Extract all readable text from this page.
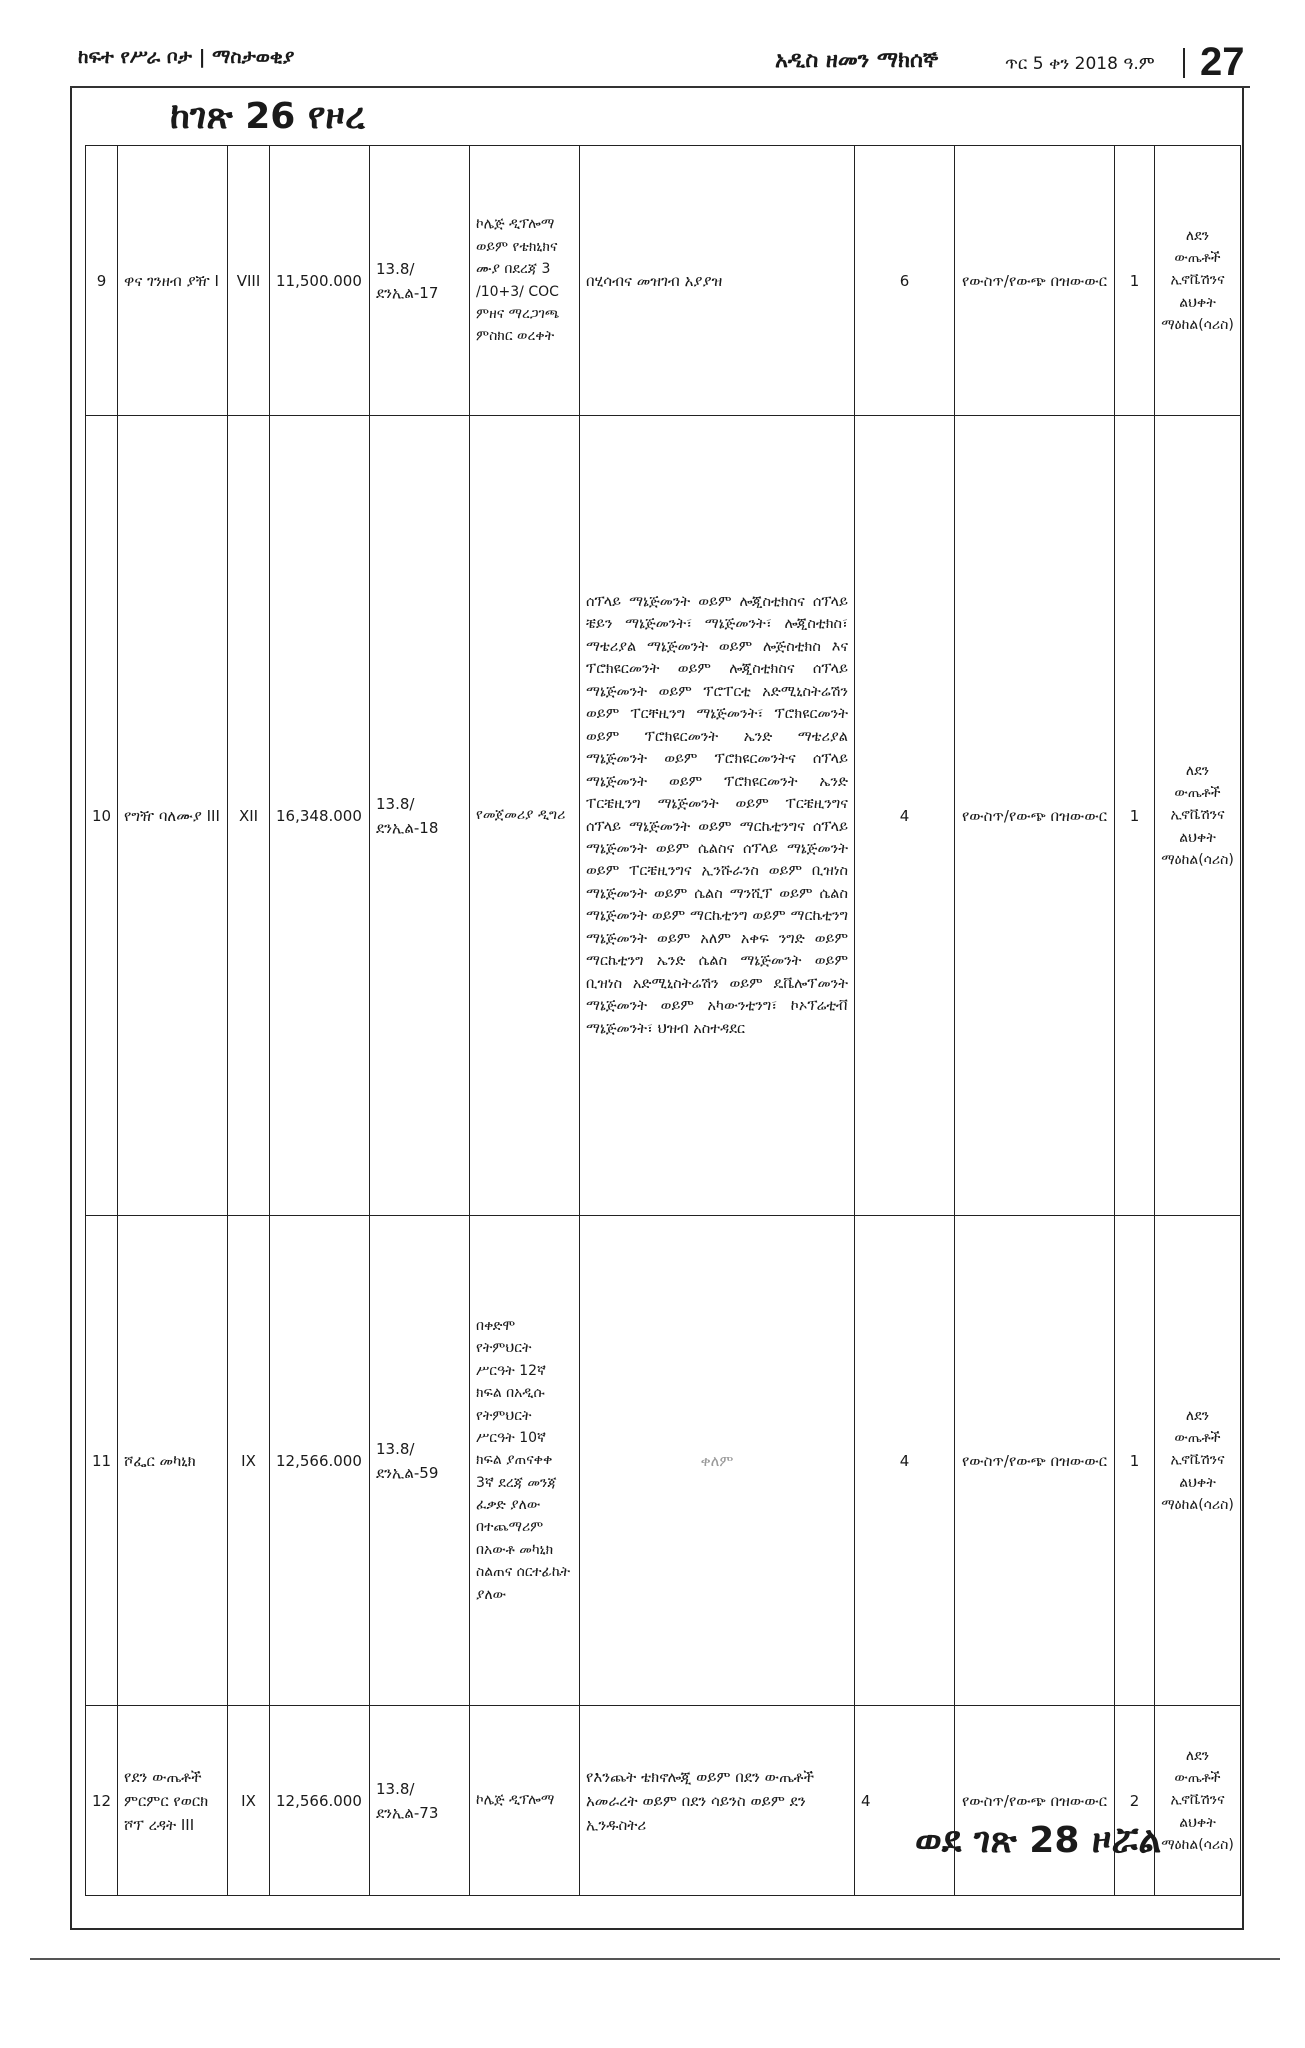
ከፍተ የሥራ ቦታ | ማስታወቂያ	አዲስ ዘመን ማክሰኞ	ጥር 5 ቀን 2018 ዓ.ም 27
ከገጽ 26 የዞረ
9	ዋና ገንዘብ ያዥ I	VIII	11,500.000	13.8/ደንኢል-17	ኮሌጅ ዲፕሎማ ወይም የቴክኒክና ሙያ በደረጃ 3 /10+3/ COC ምዘና ማረጋገጫ ምስክር ወረቀት	በሂሳብና መዝገብ አያያዝ	6	የውስጥ/የውጭ በዝውውር	1	ለደን ውጤቶች ኢኖቬሽንና ልህቀት ማዕከል(ሳሪስ)
10	የግዥ ባለሙያ III	XII	16,348.000	13.8/ደንኢል-18	የመጀመሪያ ዲግሪ	ሰፕላይ ማኔጅመንት ወይም ሎጂስቲክስና ሰፕላይ ቼይን ማኔጅመንት፣ ማኔጅመንት፣ ሎጂስቲክስ፣ ማቴሪያል ማኔጅመንት ወይም ሎጅስቲክስ እና ፕሮክዩርመንት ወይም ሎጂስቲክስና ሰፕላይ ማኔጅመንት ወይም ፕሮፐርቲ አድሚኒስትሬሽን ወይም ፐርቸዚንግ ማኔጅመንት፣ ፕሮክዩርመንት ወይም ፕሮክዩርመንት ኤንድ ማቴሪያል ማኔጅመንት ወይም ፕሮክዩርመንትና ሰፕላይ ማኔጅመንት ወይም ፕሮክዩርመንት ኤንድ ፐርቼዚንግ ማኔጅመንት ወይም ፐርቼዚንግና ሰፕላይ ማኔጅመንት ወይም ማርኬቲንግና ሰፕላይ ማኔጅመንት ወይም ሴልስና ሰፕላይ ማኔጅመንት ወይም ፐርቼዚንግና ኢንሹራንስ ወይም ቢዝነስ ማኔጅመንት ወይም ሴልስ ማንሺፕ ወይም ሴልስ ማኔጅመንት ወይም ማርኬቲንግ ወይም ማርኬቲንግ ማኔጅመንት ወይም አለም አቀፍ ንግድ ወይም ማርኬቲንግ ኤንድ ሴልስ ማኔጅመንት ወይም ቢዝነስ አድሚኒስትሬሽን ወይም ዴቬሎፕመንት ማኔጅመንት ወይም አካውንቲንግ፣ ኮኦፕሬቲቭ ማኔጅመንት፣ ህዝብ አስተዳደር	4	የውስጥ/የውጭ በዝውውር	1	ለደን ውጤቶች ኢኖቬሽንና ልህቀት ማዕከል(ሳሪስ)
11	ሾፌር መካኒክ	IX	12,566.000	13.8/ደንኢል-59	በቀድሞ የትምህርት ሥርዓት 12ኛ ክፍል በአዲሱ የትምህርት ሥርዓት 10ኛ ክፍል ያጠናቀቀ 3ኛ ደረጃ መንጃ ፈቃድ ያለው በተጨማሪም በአውቶ መካኒክ ስልጠና ሰርተፊኬት ያለው	ቀለም	4	የውስጥ/የውጭ በዝውውር	1	ለደን ውጤቶች ኢኖቬሽንና ልህቀት ማዕከል(ሳሪስ)
12	የደን ውጤቶች ምርምር የወርክ ሾፕ ረዳት III	IX	12,566.000	13.8/ደንኢል-73	ኮሌጅ ዲፕሎማ	የእንጨት ቴክኖሎጂ ወይም በደን ውጤቶች አመራረት ወይም በደን ሳይንስ ወይም ደን ኢንዱስትሪ	4	የውስጥ/የውጭ በዝውውር	2	ለደን ውጤቶች ኢኖቬሽንና ልህቀት ማዕከል(ሳሪስ)
ወደ ገጽ 28 ዞሯል
